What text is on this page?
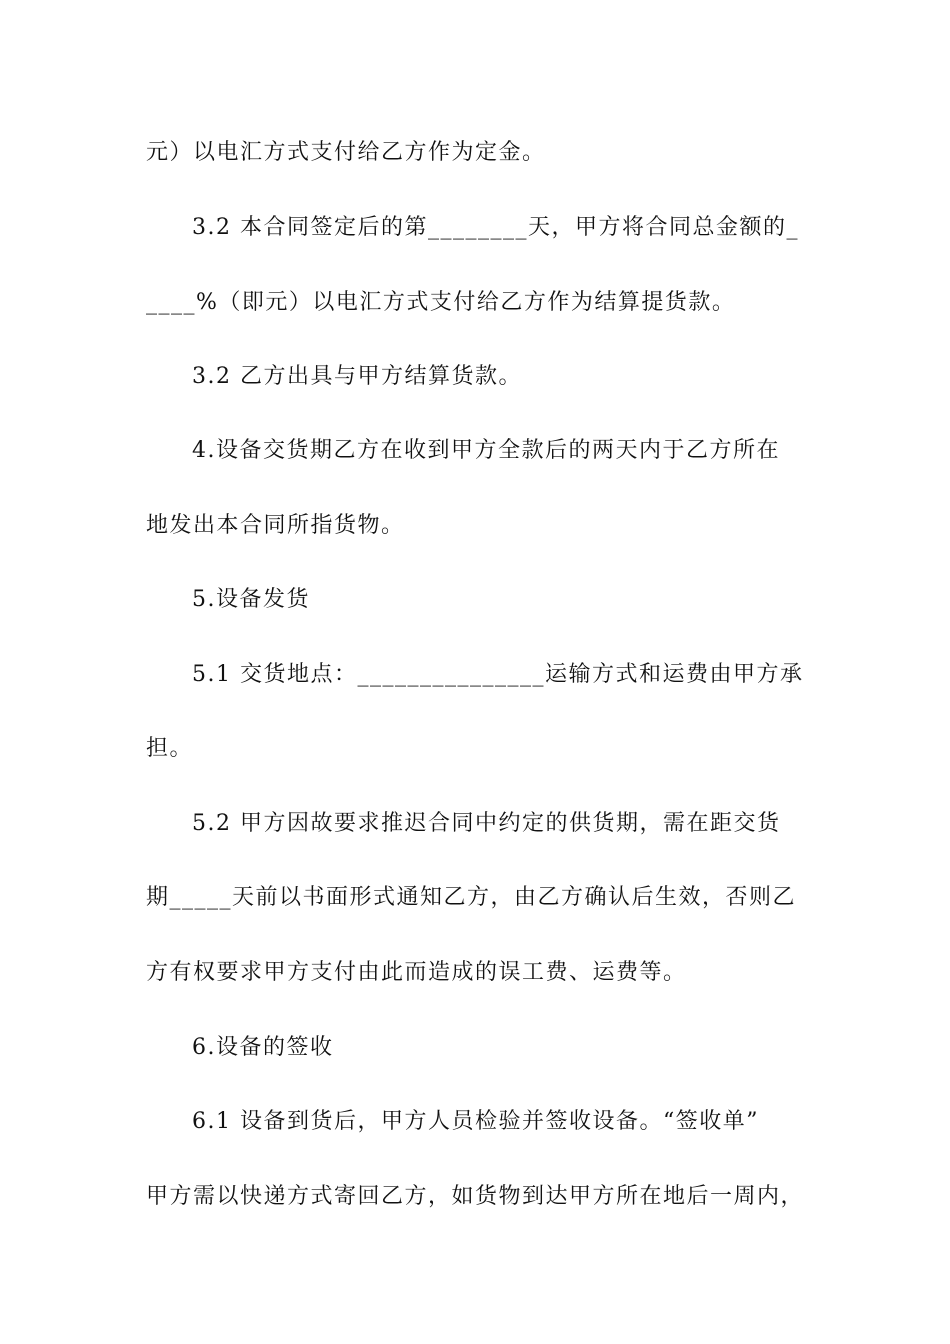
元）以电汇方式支付给乙方作为定金。
3.2 本合同签定后的第________天，甲方将合同总金额的_
____%（即元）以电汇方式支付给乙方作为结算提货款。
3.2 乙方出具与甲方结算货款。
4.设备交货期乙方在收到甲方全款后的两天内于乙方所在
地发出本合同所指货物。
5.设备发货
5.1 交货地点：_______________运输方式和运费由甲方承
担。
5.2 甲方因故要求推迟合同中约定的供货期，需在距交货
期_____天前以书面形式通知乙方，由乙方确认后生效，否则乙
方有权要求甲方支付由此而造成的误工费、运费等。
6.设备的签收
6.1 设备到货后，甲方人员检验并签收设备。“签收单”
甲方需以快递方式寄回乙方，如货物到达甲方所在地后一周内，
